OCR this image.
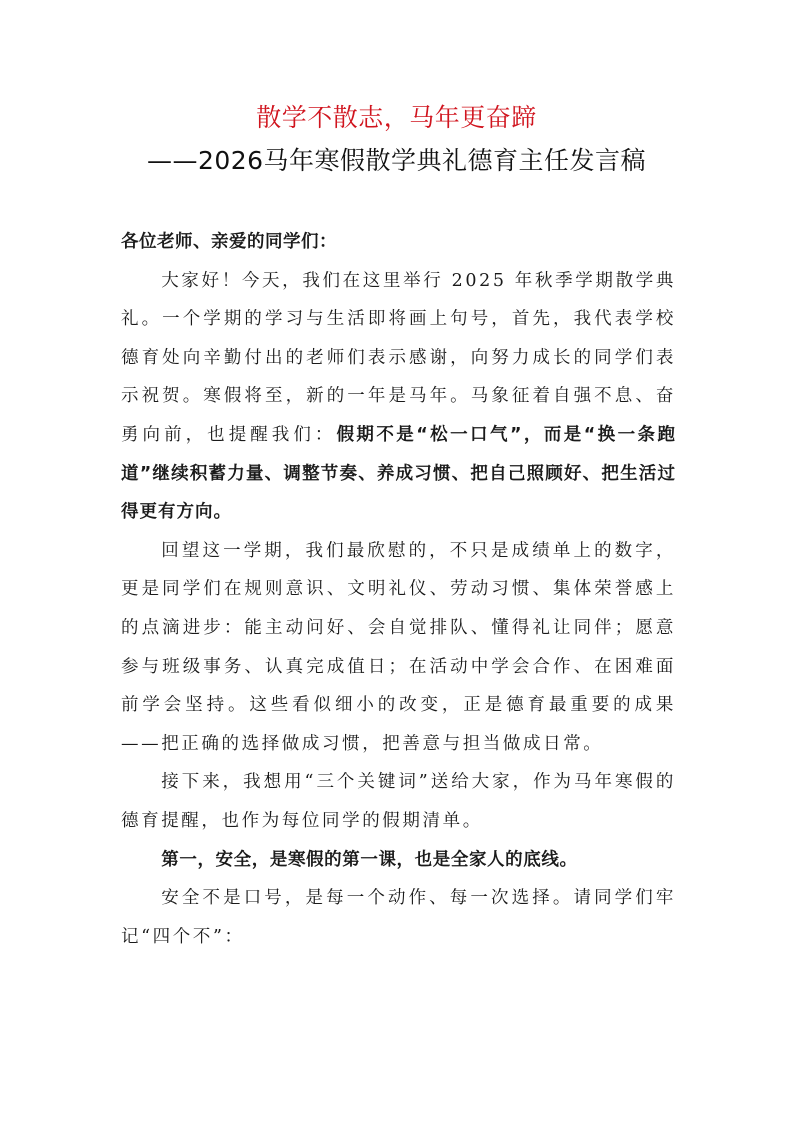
散学不散志，马年更奋蹄
——2026马年寒假散学典礼德育主任发言稿

各位老师、亲爱的同学们：

大家好！今天，我们在这里举行 2025 年秋季学期散学典礼。一个学期的学习与生活即将画上句号，首先，我代表学校德育处向辛勤付出的老师们表示感谢，向努力成长的同学们表示祝贺。寒假将至，新的一年是马年。马象征着自强不息、奋勇向前，也提醒我们：假期不是“松一口气”，而是“换一条跑道”继续积蓄力量、调整节奏、养成习惯、把自己照顾好、把生活过得更有方向。

回望这一学期，我们最欣慰的，不只是成绩单上的数字，更是同学们在规则意识、文明礼仪、劳动习惯、集体荣誉感上的点滴进步：能主动问好、会自觉排队、懂得礼让同伴；愿意参与班级事务、认真完成值日；在活动中学会合作、在困难面前学会坚持。这些看似细小的改变，正是德育最重要的成果——把正确的选择做成习惯，把善意与担当做成日常。

接下来，我想用“三个关键词”送给大家，作为马年寒假的德育提醒，也作为每位同学的假期清单。

第一，安全，是寒假的第一课，也是全家人的底线。

安全不是口号，是每一个动作、每一次选择。请同学们牢记“四个不”：
